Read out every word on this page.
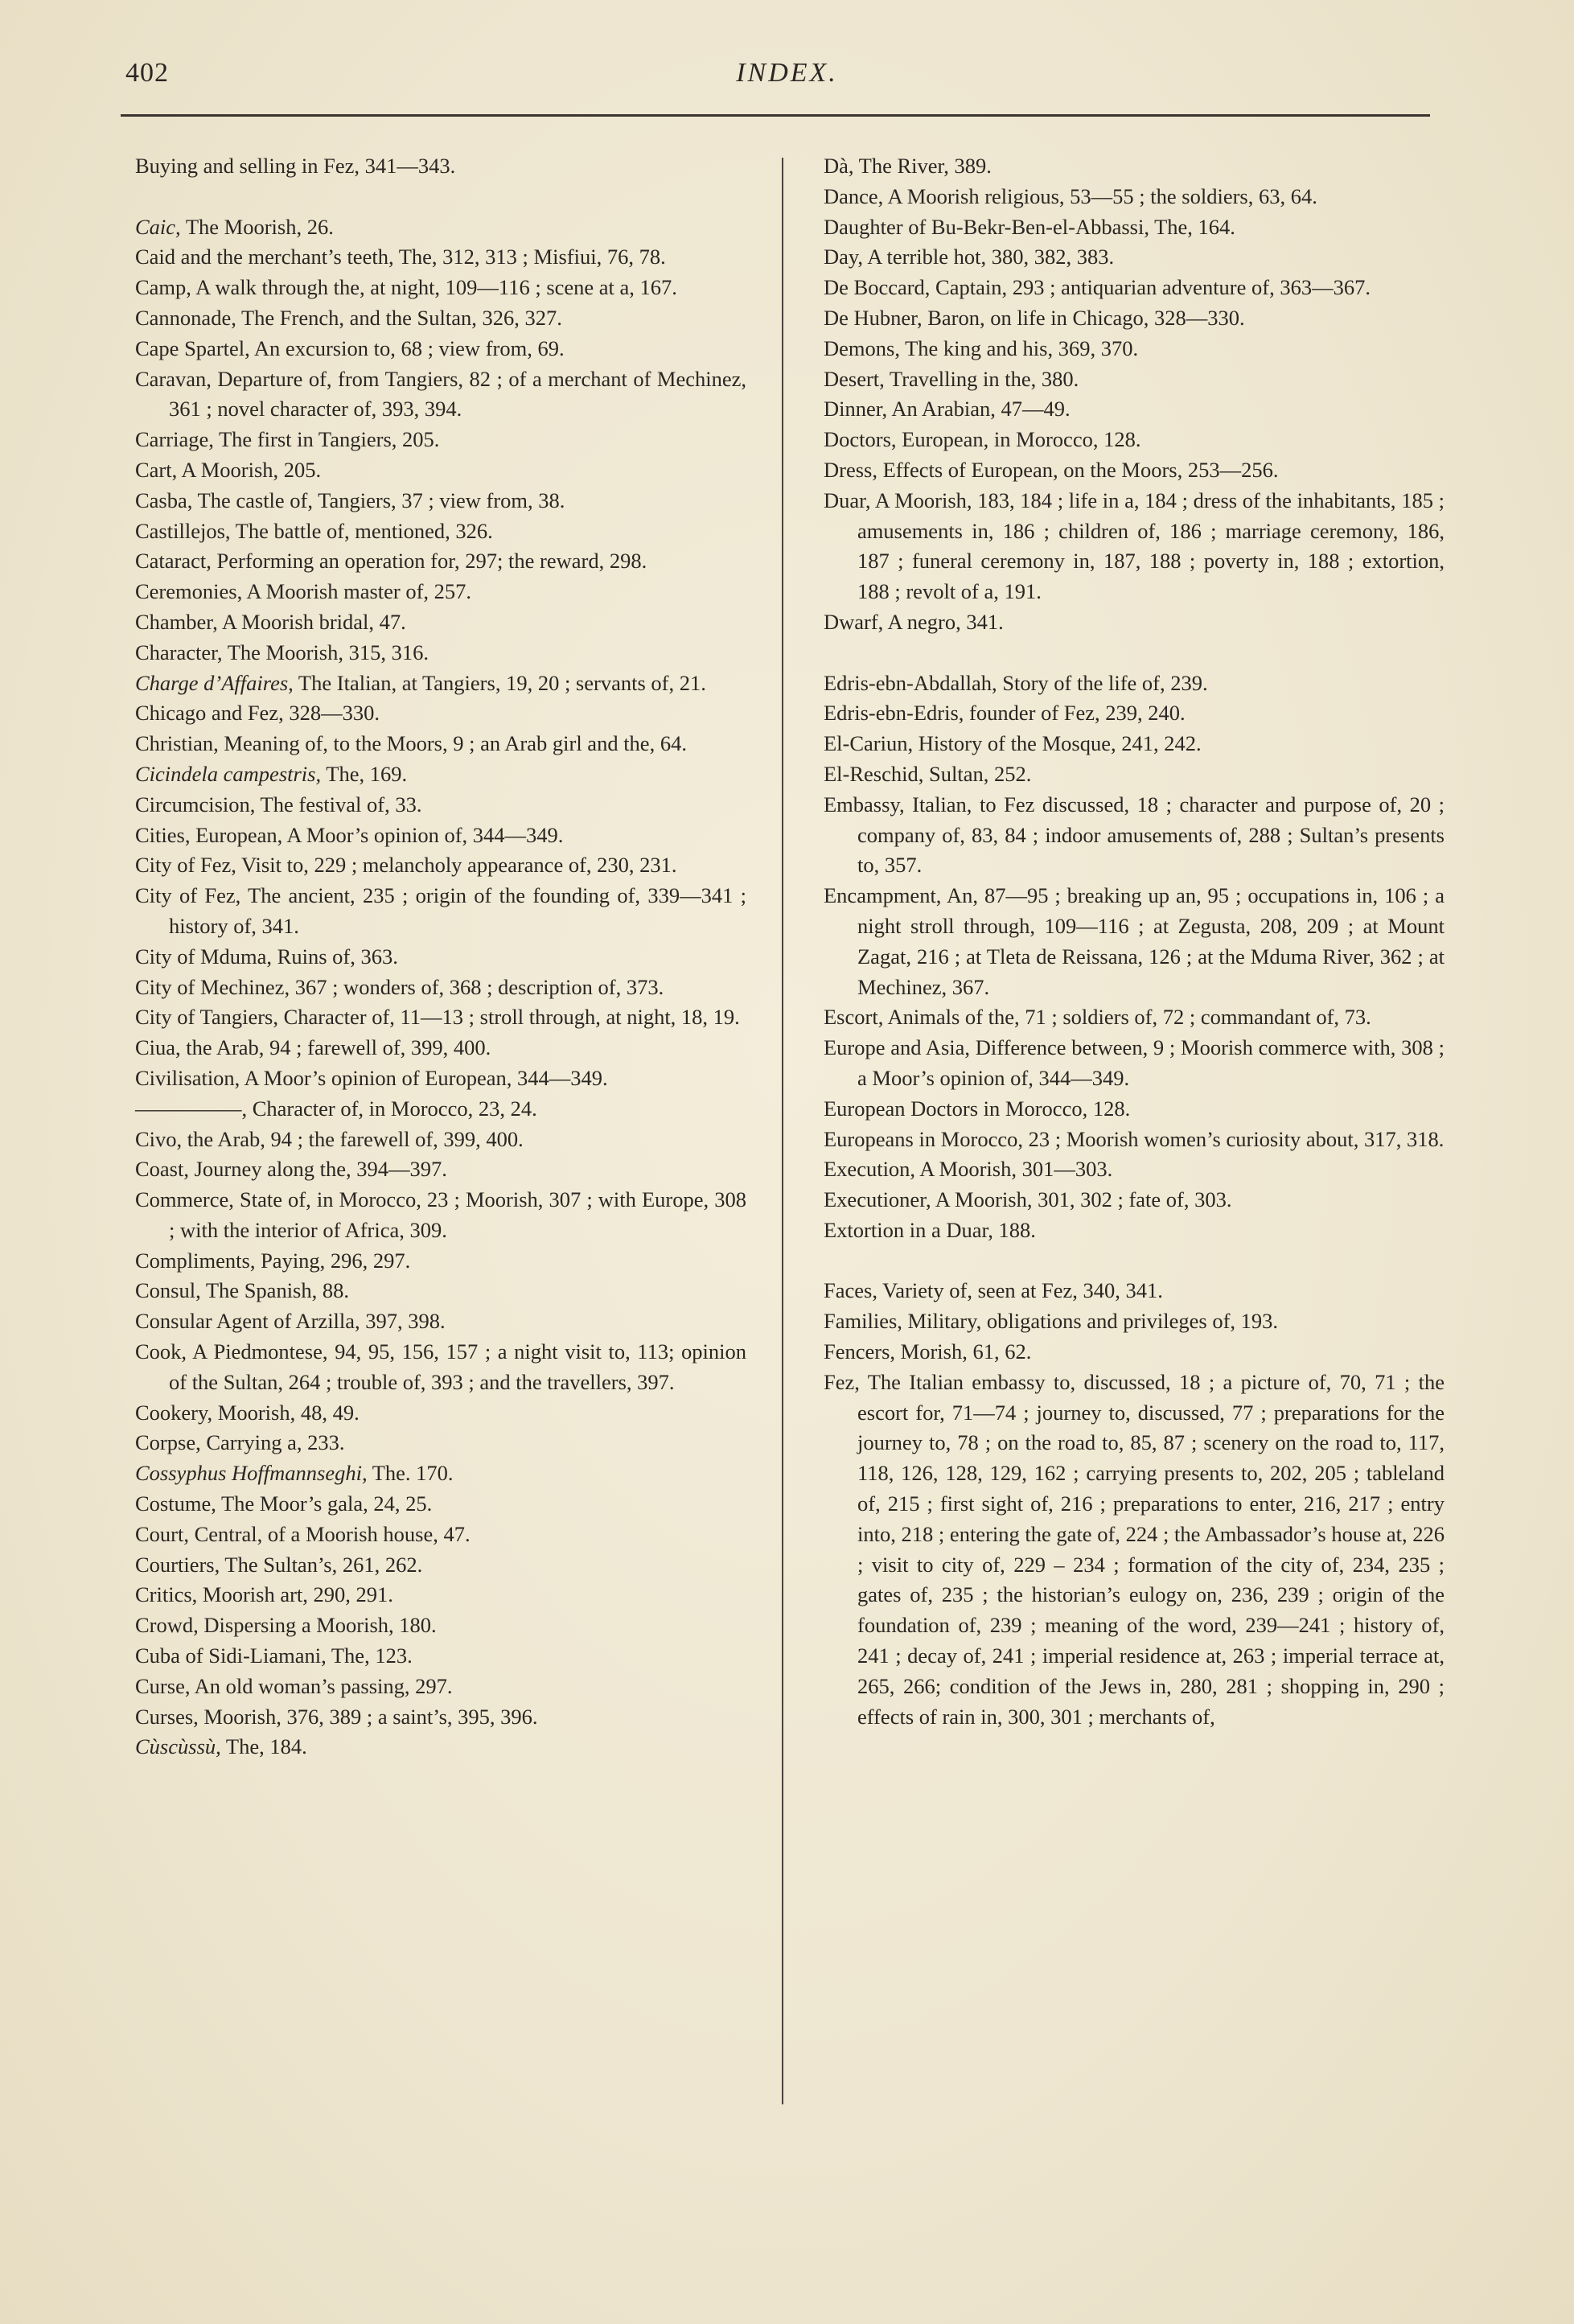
402	INDEX.

Buying and selling in Fez, 341—343.

Caic, The Moorish, 26.

Caid and the merchant’s teeth, The, 312, 313 ; Misfiui, 76, 78.

Camp, A walk through the, at night, 109—116 ; scene at a, 167.

Cannonade, The French, and the Sultan, 326, 327.

Cape Spartel, An excursion to, 68 ; view from, 69.

Caravan, Departure of, from Tangiers, 82 ; of a merchant of Mechinez, 361 ; novel character of, 393, 394.

Carriage, The first in Tangiers, 205.

Cart, A Moorish, 205.

Casba, The castle of, Tangiers, 37 ; view from, 38.

Castillejos, The battle of, mentioned, 326.

Cataract, Performing an operation for, 297; the reward, 298.

Ceremonies, A Moorish master of, 257.

Chamber, A Moorish bridal, 47.

Character, The Moorish, 315, 316.

Charge d’Affaires, The Italian, at Tangiers, 19, 20 ; servants of, 21.

Chicago and Fez, 328—330.

Christian, Meaning of, to the Moors, 9 ; an Arab girl and the, 64.

Cicindela campestris, The, 169.

Circumcision, The festival of, 33.

Cities, European, A Moor’s opinion of, 344—349.

City of Fez, Visit to, 229 ; melancholy appearance of, 230, 231.

City of Fez, The ancient, 235 ; origin of the founding of, 339—341 ; history of, 341.

City of Mduma, Ruins of, 363.

City of Mechinez, 367 ; wonders of, 368 ; description of, 373.

City of Tangiers, Character of, 11—13 ; stroll through, at night, 18, 19.

Ciua, the Arab, 94 ; farewell of, 399, 400.

Civilisation, A Moor’s opinion of European, 344—349.

—————, Character of, in Morocco, 23, 24.

Civo, the Arab, 94 ; the farewell of, 399, 400.

Coast, Journey along the, 394—397.

Commerce, State of, in Morocco, 23 ; Moorish, 307 ; with Europe, 308 ; with the interior of Africa, 309.

Compliments, Paying, 296, 297.

Consul, The Spanish, 88.

Consular Agent of Arzilla, 397, 398.

Cook, A Piedmontese, 94, 95, 156, 157 ; a night visit to, 113; opinion of the Sultan, 264 ; trouble of, 393 ; and the travellers, 397.

Cookery, Moorish, 48, 49.

Corpse, Carrying a, 233.

Cossyphus Hoffmannseghi, The. 170.

Costume, The Moor’s gala, 24, 25.

Court, Central, of a Moorish house, 47.

Courtiers, The Sultan’s, 261, 262.

Critics, Moorish art, 290, 291.

Crowd, Dispersing a Moorish, 180.

Cuba of Sidi-Liamani, The, 123.

Curse, An old woman’s passing, 297.

Curses, Moorish, 376, 389 ; a saint’s, 395, 396.

Cùscùssù, The, 184.

Dà, The River, 389.

Dance, A Moorish religious, 53—55 ; the soldiers, 63, 64.

Daughter of Bu-Bekr-Ben-el-Abbassi, The, 164.

Day, A terrible hot, 380, 382, 383.

De Boccard, Captain, 293 ; antiquarian adventure of, 363—367.

De Hubner, Baron, on life in Chicago, 328—330.

Demons, The king and his, 369, 370.

Desert, Travelling in the, 380.

Dinner, An Arabian, 47—49.

Doctors, European, in Morocco, 128.

Dress, Effects of European, on the Moors, 253—256.

Duar, A Moorish, 183, 184 ; life in a, 184 ; dress of the inhabitants, 185 ; amusements in, 186 ; children of, 186 ; marriage ceremony, 186, 187 ; funeral ceremony in, 187, 188 ; poverty in, 188 ; extortion, 188 ; revolt of a, 191.

Dwarf, A negro, 341.

Edris-ebn-Abdallah, Story of the life of, 239.

Edris-ebn-Edris, founder of Fez, 239, 240.

El-Cariun, History of the Mosque, 241, 242.

El-Reschid, Sultan, 252.

Embassy, Italian, to Fez discussed, 18 ; character and purpose of, 20 ; company of, 83, 84 ; indoor amusements of, 288 ; Sultan’s presents to, 357.

Encampment, An, 87—95 ; breaking up an, 95 ; occupations in, 106 ; a night stroll through, 109—116 ; at Zegusta, 208, 209 ; at Mount Zagat, 216 ; at Tleta de Reissana, 126 ; at the Mduma River, 362 ; at Mechinez, 367.

Escort, Animals of the, 71 ; soldiers of, 72 ; commandant of, 73.

Europe and Asia, Difference between, 9 ; Moorish commerce with, 308 ; a Moor’s opinion of, 344—349.

European Doctors in Morocco, 128.

Europeans in Morocco, 23 ; Moorish women’s curiosity about, 317, 318.

Execution, A Moorish, 301—303.

Executioner, A Moorish, 301, 302 ; fate of, 303.

Extortion in a Duar, 188.

Faces, Variety of, seen at Fez, 340, 341.

Families, Military, obligations and privileges of, 193.

Fencers, Morish, 61, 62.

Fez, The Italian embassy to, discussed, 18 ; a picture of, 70, 71 ; the escort for, 71—74 ; journey to, discussed, 77 ; preparations for the journey to, 78 ; on the road to, 85, 87 ; scenery on the road to, 117, 118, 126, 128, 129, 162 ; carrying presents to, 202, 205 ; tableland of, 215 ; first sight of, 216 ; preparations to enter, 216, 217 ; entry into, 218 ; entering the gate of, 224 ; the Ambassador’s house at, 226 ; visit to city of, 229 – 234 ; formation of the city of, 234, 235 ; gates of, 235 ; the historian’s eulogy on, 236, 239 ; origin of the foundation of, 239 ; meaning of the word, 239—241 ; history of, 241 ; decay of, 241 ; imperial residence at, 263 ; imperial terrace at, 265, 266; condition of the Jews in, 280, 281 ; shopping in, 290 ; effects of rain in, 300, 301 ; merchants of,
